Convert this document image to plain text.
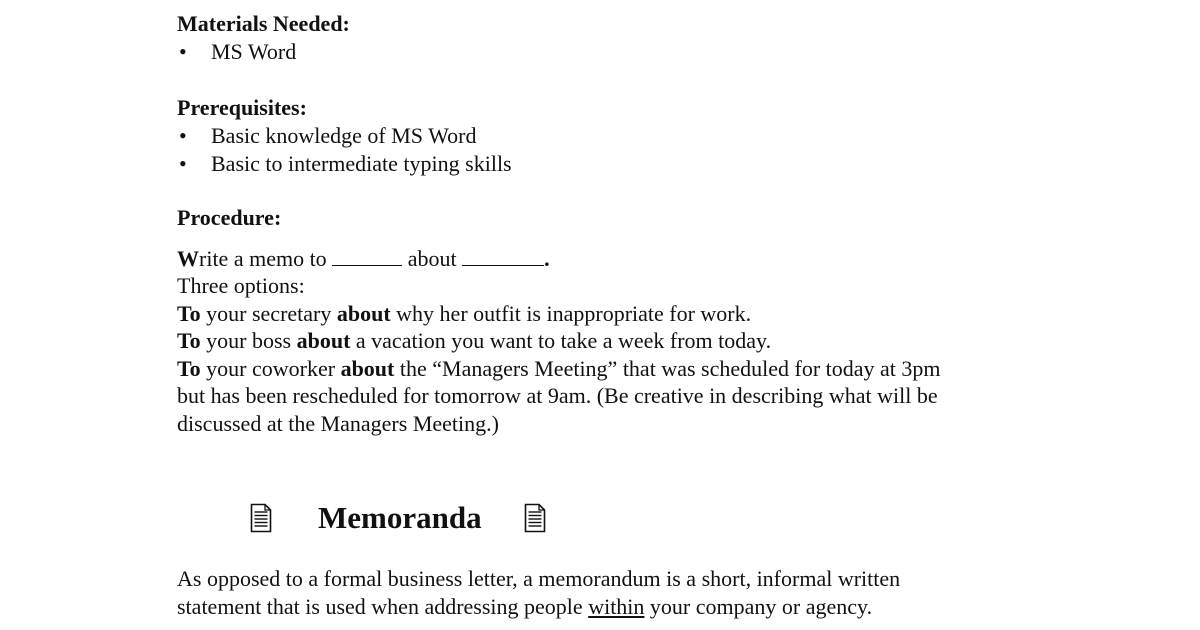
Materials Needed:
• MS Word
Prerequisites:
• Basic knowledge of MS Word
• Basic to intermediate typing skills
Procedure:
Write a memo to	about	.
Three options:
To your secretary about why her outfit is inappropriate for work.
To your boss about a vacation you want to take a week from today.
To your coworker about the “Managers Meeting” that was scheduled for today at 3pm
but has been rescheduled for tomorrow at 9am. (Be creative in describing what will be
discussed at the Managers Meeting.)
Memoranda
As opposed to a formal business letter, a memorandum is a short, informal written
statement that is used when addressing people within your company or agency.
